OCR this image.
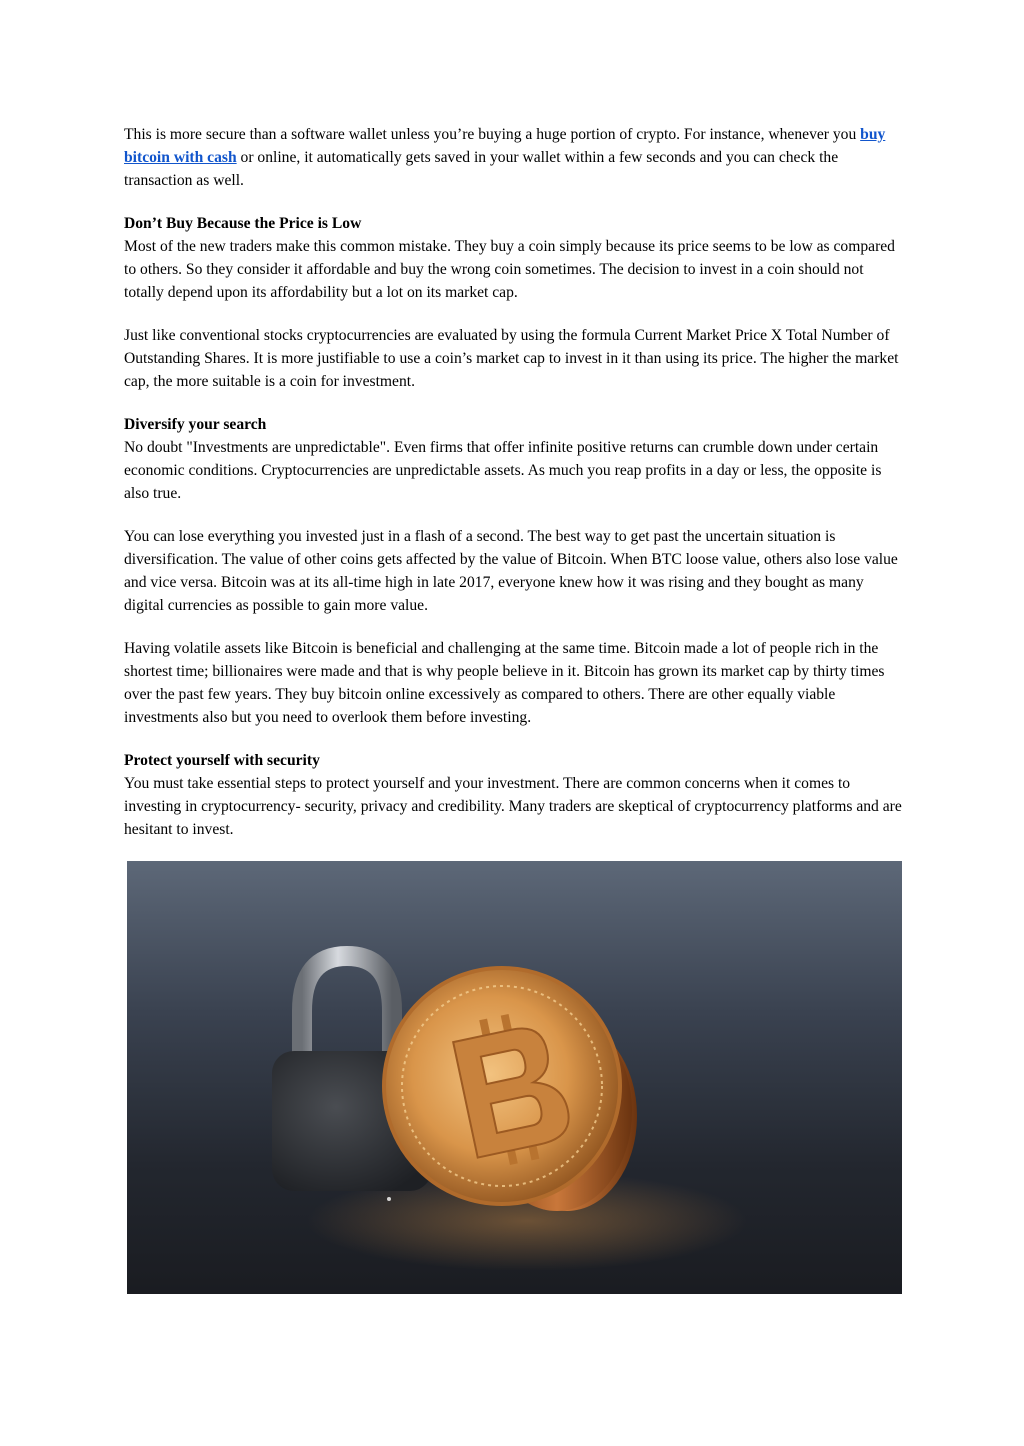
This is more secure than a software wallet unless you’re buying a huge portion of crypto. For instance, whenever you buy bitcoin with cash or online, it automatically gets saved in your wallet within a few seconds and you can check the transaction as well.

Don’t Buy Because the Price is Low
Most of the new traders make this common mistake. They buy a coin simply because its price seems to be low as compared to others. So they consider it affordable and buy the wrong coin sometimes. The decision to invest in a coin should not totally depend upon its affordability but a lot on its market cap.

Just like conventional stocks cryptocurrencies are evaluated by using the formula Current Market Price X Total Number of Outstanding Shares. It is more justifiable to use a coin’s market cap to invest in it than using its price. The higher the market cap, the more suitable is a coin for investment.

Diversify your search
No doubt "Investments are unpredictable". Even firms that offer infinite positive returns can crumble down under certain economic conditions. Cryptocurrencies are unpredictable assets. As much you reap profits in a day or less, the opposite is also true.

You can lose everything you invested just in a flash of a second. The best way to get past the uncertain situation is diversification. The value of other coins gets affected by the value of Bitcoin. When BTC loose value, others also lose value and vice versa. Bitcoin was at its all-time high in late 2017, everyone knew how it was rising and they bought as many digital currencies as possible to gain more value.

Having volatile assets like Bitcoin is beneficial and challenging at the same time. Bitcoin made a lot of people rich in the shortest time; billionaires were made and that is why people believe in it. Bitcoin has grown its market cap by thirty times over the past few years. They buy bitcoin online excessively as compared to others. There are other equally viable investments also but you need to overlook them before investing.

Protect yourself with security
You must take essential steps to protect yourself and your investment. There are common concerns when it comes to investing in cryptocurrency- security, privacy and credibility. Many traders are skeptical of cryptocurrency platforms and are hesitant to invest.
